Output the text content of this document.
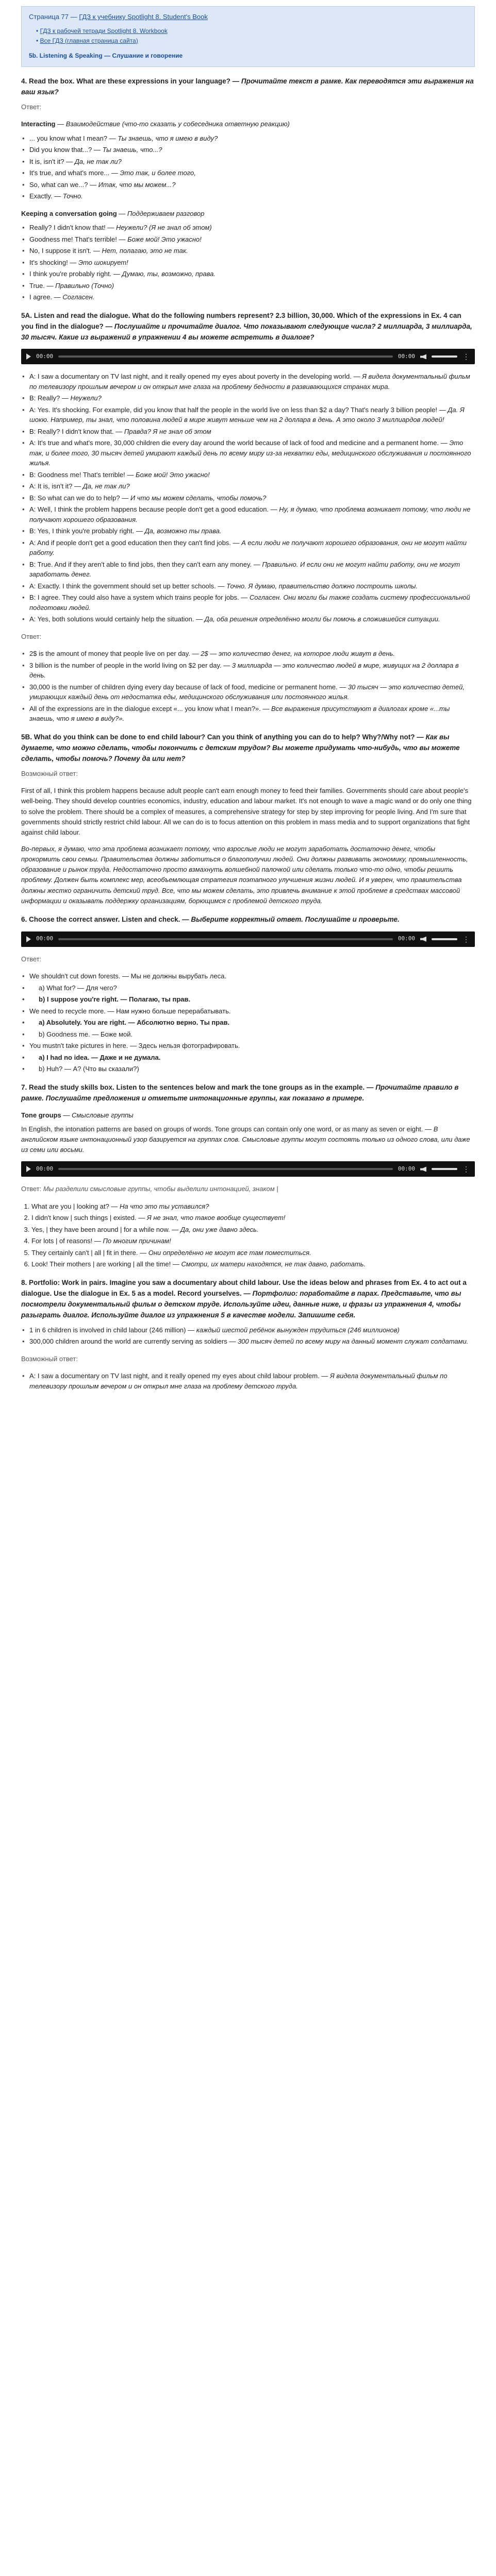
Страница 77 — ГДЗ к учебнику Spotlight 8. Student's Book
• ГДЗ к рабочей тетради Spotlight 8. Workbook
• Все ГДЗ (главная страница сайта)
5b. Listening & Speaking — Слушание и говорение
4. Read the box. What are these expressions in your language? — Прочитайте текст в рамке. Как переводятся эти выражения на ваш язык?
Ответ:
Interacting — Взаимодействие (что-то сказать у собеседника ответную реакцию)
• ... you know what I mean? — Ты знаешь, что я имею в виду?
• Did you know that...? — Ты знаешь, что...?
• It is, isn't it? — Да, не так ли?
• It's true, and what's more... — Это так, и более того,
• So, what can we...? — Итак, что мы можем...?
• Exactly. — Точно.
Keeping a conversation going — Поддерживаем разговор
• Really? I didn't know that! — Неужели? (Я не знал об этом)
• Goodness me! That's terrible! — Боже мой! Это ужасно!
• No, I suppose it isn't. — Нет, полагаю, это не так.
• It's shocking! — Это шокирует!
• I think you're probably right. — Думаю, ты, возможно, права.
• True. — Правильно (Точно)
• I agree. — Согласен.
5A. Listen and read the dialogue. What do the following numbers represent? 2.3 billion, 30,000. Which of the expressions in Ex. 4 can you find in the dialogue? — Послушайте и прочитайте диалог. Что показывают следующие числа? 2 миллиарда, 3 миллиарда, 30 тысяч. Какие из выражений в упражнении 4 вы можете встретить в диалоге?
00:00	00:00	⋮
• A: I saw a documentary on TV last night, and it really opened my eyes about poverty in the developing world. — Я видела документальный фильм по телевизору прошлым вечером и он открыл мне глаза на проблему бедности в развивающихся странах мира.
• B: Really? — Неужели?
• A: Yes. It's shocking. For example, did you know that half the people in the world live on less than $2 a day? That's nearly 3 billion people! — Да. Я шокю. Например, ты знал, что половина людей в мире живут меньше чем на 2 доллара в день. А это около 3 миллиардов людей!
• B: Really? I didn't know that. — Правда? Я не знал об этом
• A: It's true and what's more, 30,000 children die every day around the world because of lack of food and medicine and a permanent home. — Это так, и более того, 30 тысяч детей умирают каждый день по всему миру из-за нехватки еды, медицинского обслуживания и постоянного жилья.
• B: Goodness me! That's terrible! — Боже мой! Это ужасно!
• A: It is, isn't it? — Да, не так ли?
• B: So what can we do to help? — И что мы можем сделать, чтобы помочь?
• A: Well, I think the problem happens because people don't get a good education. — Ну, я думаю, что проблема возникает потому, что люди не получают хорошего образования.
• B: Yes, I think you're probably right. — Да, возможно ты права.
• A: And if people don't get a good education then they can't find jobs. — А если люди не получают хорошего образования, они не могут найти работу.
• B: True. And if they aren't able to find jobs, then they can't earn any money. — Правильно. И если они не могут найти работу, они не могут заработать денег.
• A: Exactly. I think the government should set up better schools. — Точно. Я думаю, правительство должно построить школы.
• B: I agree. They could also have a system which trains people for jobs. — Согласен. Они могли бы также создать систему профессиональной подготовки людей.
• A: Yes, both solutions would certainly help the situation. — Да, оба решения определённо могли бы помочь в сложившейся ситуации.
Ответ:
• 2$ is the amount of money that people live on per day. — 2$ — это количество денег, на которое люди живут в день.
• 3 billion is the number of people in the world living on $2 per day. — 3 миллиарда — это количество людей в мире, живущих на 2 доллара в день.
• 30,000 is the number of children dying every day because of lack of food, medicine or permanent home. — 30 тысяч — это количество детей, умирающих каждый день от недостатка еды, медицинского обслуживания или постоянного жилья.
• All of the expressions are in the dialogue except «... you know what I mean?». — Все выражения присутствуют в диалогах кроме «...ты знаешь, что я имею в виду?».
5B. What do you think can be done to end child labour? Can you think of anything you can do to help? Why?/Why not? — Как вы думаете, что можно сделать, чтобы покончить с детским трудом? Вы можете придумать что-нибудь, что вы можете сделать, чтобы помочь? Почему да или нет?
Возможный ответ:

First of all, I think this problem happens because adult people can't earn enough money to feed their families. Governments should care about people's well-being. They should develop countries economics, industry, education and labour market. It's not enough to wave a magic wand or do only one thing to solve the problem. There should be a complex of measures, a comprehensive strategy for step by step improving for people living. And I'm sure that governments should strictly restrict child labour. All we can do is to focus attention on this problem in mass media and to support organizations that fight against child labour.

Во-первых, я думаю, что эта проблема возникает потому, что взрослые люди не могут заработать достаточно денег, чтобы прокормить свои семьи. Правительства должны заботиться о благополучии людей. Они должны развивать экономику, промышленность, образование и рынок труда. Недостаточно просто взмахнуть волшебной палочкой или сделать только что-то одно, чтобы решить проблему. Должен быть комплекс мер, всеобъемлющая стратегия поэтапного улучшения жизни людей. И я уверен, что правительства должны жестко ограничить детский труд. Все, что мы можем сделать, это привлечь внимание к этой проблеме в средствах массовой информации и оказывать поддержку организациям, борющимся с проблемой детского труда.

6. Choose the correct answer. Listen and check. — Выберите корректный ответ. Послушайте и проверьте.
00:00	00:00	⋮
Ответ:
• We shouldn't cut down forests. — Мы не должны вырубать леса.
• a) What for? — Для чего?
• b) I suppose you're right. — Полагаю, ты прав.
• We need to recycle more. — Нам нужно больше перерабатывать.
• a) Absolutely. You are right. — Абсолютно верно. Ты прав.
• b) Goodness me. — Боже мой.
• You mustn't take pictures in here. — Здесь нельзя фотографировать.
• a) I had no idea. — Даже и не думала.
• b) Huh? — А? (Что вы сказали?)
7. Read the study skills box. Listen to the sentences below and mark the tone groups as in the example. — Прочитайте правило в рамке. Послушайте предложения и отметьте интонационные группы, как показано в примере.
Tone groups — Смысловые группы

In English, the intonation patterns are based on groups of words. Tone groups can contain only one word, or as many as seven or eight. — В английском языке интонационный узор базируется на группах слов. Смысловые группы могут состоять только из одного слова, или даже из семи или восьми.

00:00	00:00	⋮
Ответ: Мы разделили смысловые группы, чтобы выделили интонацией, знаком |
1. What are you | looking at? — На что это ты уставился?
2. I didn't know | such things | existed. — Я не знал, что такое вообще существует!
3. Yes, | they have been around | for a while now. — Да, они уже давно здесь.
4. For lots | of reasons! — По многим причинам!
5. They certainly can't | all | fit in there. — Они определённо не могут все там поместиться.
6. Look! Their mothers | are working | all the time! — Смотри, их матери находятся, не так давно, работать.
8. Portfolio: Work in pairs. Imagine you saw a documentary about child labour. Use the ideas below and phrases from Ex. 4 to act out a dialogue. Use the dialogue in Ex. 5 as a model. Record yourselves. — Портфолио: поработайте в парах. Представьте, что вы посмотрели документальный фильм о детском труде. Используйте идеи, данные ниже, и фразы из упражнения 4, чтобы разыграть диалог. Используйте диалог из упражнения 5 в качестве модели. Запишите себя.
• 1 in 6 children is involved in child labour (246 million) — каждый шестой ребёнок вынужден трудиться (246 миллионов)
• 300,000 children around the world are currently serving as soldiers — 300 тысяч детей по всему миру на данный момент служат солдатами.
Возможный ответ:
• A: I saw a documentary on TV last night, and it really opened my eyes about child labour problem. — Я видела документальный фильм по телевизору прошлым вечером и он открыл мне глаза на проблему детского труда.
